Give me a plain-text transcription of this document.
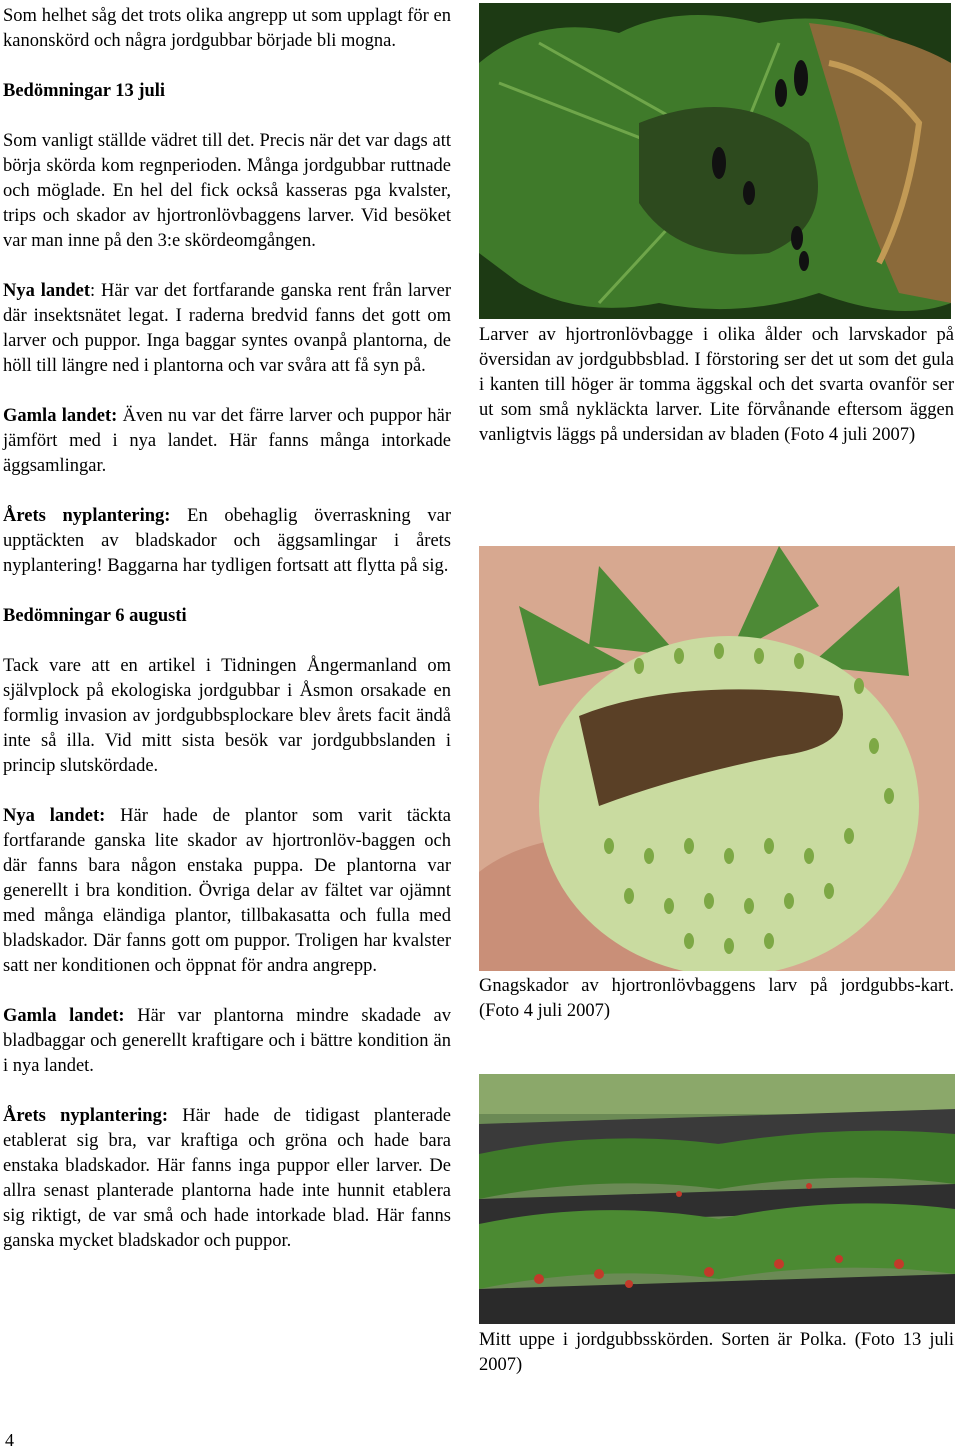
Som helhet såg det trots olika angrepp ut som upplagt för en kanonskörd och några jordgubbar började bli mogna.

Bedömningar 13 juli

Som vanligt ställde vädret till det. Precis när det var dags att börja skörda kom regnperioden. Många jordgubbar ruttnade och möglade. En hel del fick också kasseras pga kvalster, trips och skador av hjortronlövbaggens larver. Vid besöket var man inne på den 3:e skördeomgången.

Nya landet: Här var det fortfarande ganska rent från larver där insektsnätet legat. I raderna bredvid fanns det gott om larver och puppor. Inga baggar syntes ovanpå plantorna, de höll till längre ned i plantorna och var svåra att få syn på.

Gamla landet: Även nu var det färre larver och puppor här jämfört med i nya landet. Här fanns många intorkade äggsamlingar.

Årets nyplantering: En obehaglig överraskning var upptäckten av bladskador och äggsamlingar i årets nyplantering! Baggarna har tydligen fortsatt att flytta på sig.

Bedömningar 6 augusti

Tack vare att en artikel i Tidningen Ångermanland om självplock på ekologiska jordgubbar i Åsmon orsakade en formlig invasion av jordgubbsplockare blev årets facit ändå inte så illa. Vid mitt sista besök var jordgubbslanden i princip slutskördade.

Nya landet: Här hade de plantor som varit täckta fortfarande ganska lite skador av hjortronlöv-baggen och där fanns bara någon enstaka puppa. De plantorna var generellt i bra kondition. Övriga delar av fältet var ojämnt med många eländiga plantor, tillbakasatta och fulla med bladskador. Där fanns gott om puppor. Troligen har kvalster satt ner konditionen och öppnat för andra angrepp.

Gamla landet: Här var plantorna mindre skadade av bladbaggar och generellt kraftigare och i bättre kondition än i nya landet.

Årets nyplantering: Här hade de tidigast planterade etablerat sig bra, var kraftiga och gröna och hade bara enstaka bladskador. Här fanns inga puppor eller larver. De allra senast planterade plantorna hade inte hunnit etablera sig riktigt, de var små och hade intorkade blad. Här fanns ganska mycket bladskador och puppor.

Larver av hjortronlövbagge i olika ålder och larvskador på översidan av jordgubbsblad. I förstoring ser det ut som det gula i kanten till höger är tomma äggskal och det svarta ovanför ser ut som små nykläckta larver. Lite förvånande eftersom äggen vanligtvis läggs på undersidan av bladen (Foto 4 juli 2007)

Gnagskador av hjortronlövbaggens larv på jordgubbs-kart. (Foto 4 juli 2007)

Mitt uppe i jordgubbsskörden. Sorten är Polka. (Foto 13 juli 2007)

4
